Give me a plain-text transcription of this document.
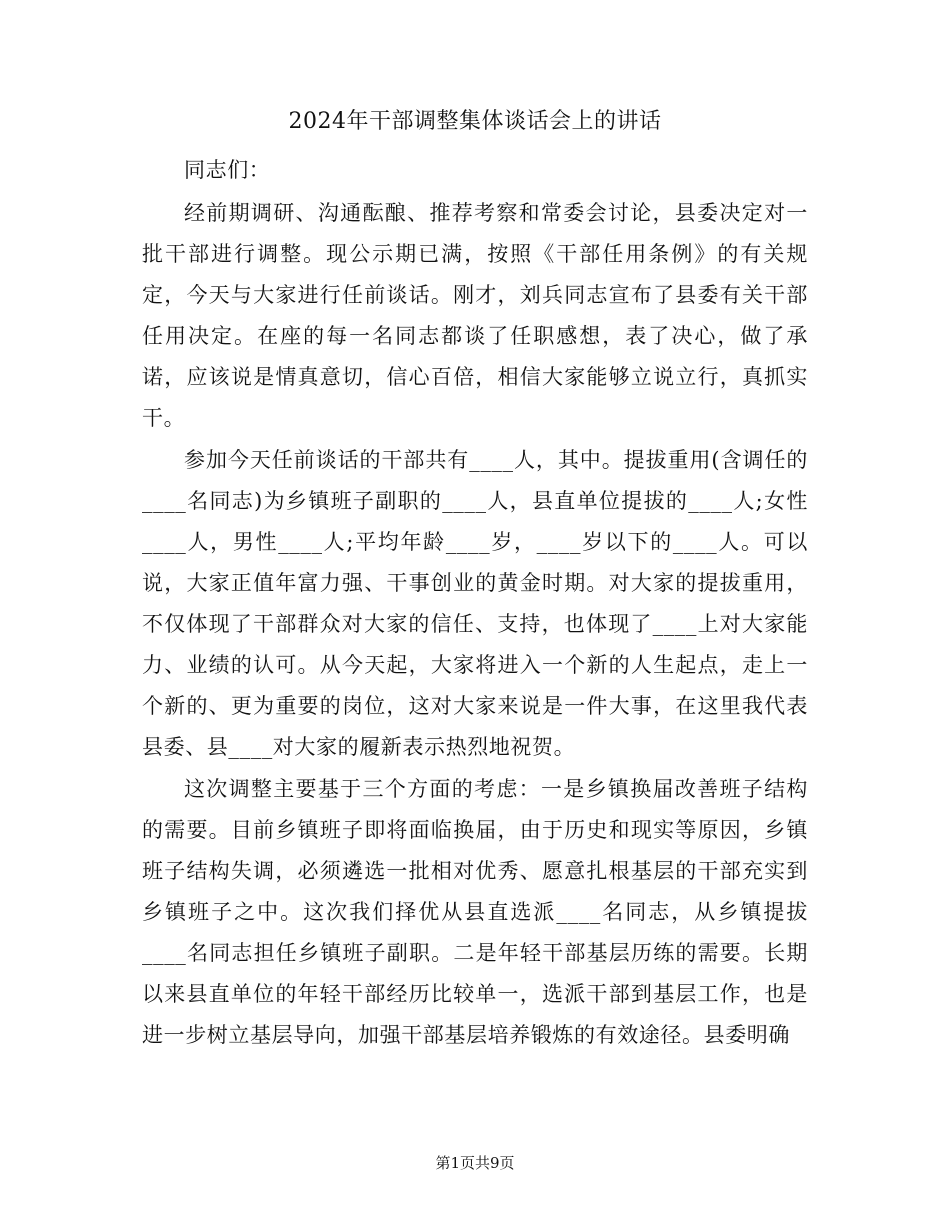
2024年干部调整集体谈话会上的讲话

同志们：

经前期调研、沟通酝酿、推荐考察和常委会讨论，县委决定对一批干部进行调整。现公示期已满，按照《干部任用条例》的有关规定，今天与大家进行任前谈话。刚才，刘兵同志宣布了县委有关干部任用决定。在座的每一名同志都谈了任职感想，表了决心，做了承诺，应该说是情真意切，信心百倍，相信大家能够立说立行，真抓实干。

参加今天任前谈话的干部共有____人，其中。提拔重用(含调任的____名同志)为乡镇班子副职的____人，县直单位提拔的____人;女性____人，男性____人;平均年龄____岁，____岁以下的____人。可以说，大家正值年富力强、干事创业的黄金时期。对大家的提拔重用，不仅体现了干部群众对大家的信任、支持，也体现了____上对大家能力、业绩的认可。从今天起，大家将进入一个新的人生起点，走上一个新的、更为重要的岗位，这对大家来说是一件大事，在这里我代表县委、县____对大家的履新表示热烈地祝贺。

这次调整主要基于三个方面的考虑：一是乡镇换届改善班子结构的需要。目前乡镇班子即将面临换届，由于历史和现实等原因，乡镇班子结构失调，必须遴选一批相对优秀、愿意扎根基层的干部充实到乡镇班子之中。这次我们择优从县直选派____名同志，从乡镇提拔____名同志担任乡镇班子副职。二是年轻干部基层历练的需要。长期以来县直单位的年轻干部经历比较单一，选派干部到基层工作，也是进一步树立基层导向，加强干部基层培养锻炼的有效途径。县委明确

第1页共9页
